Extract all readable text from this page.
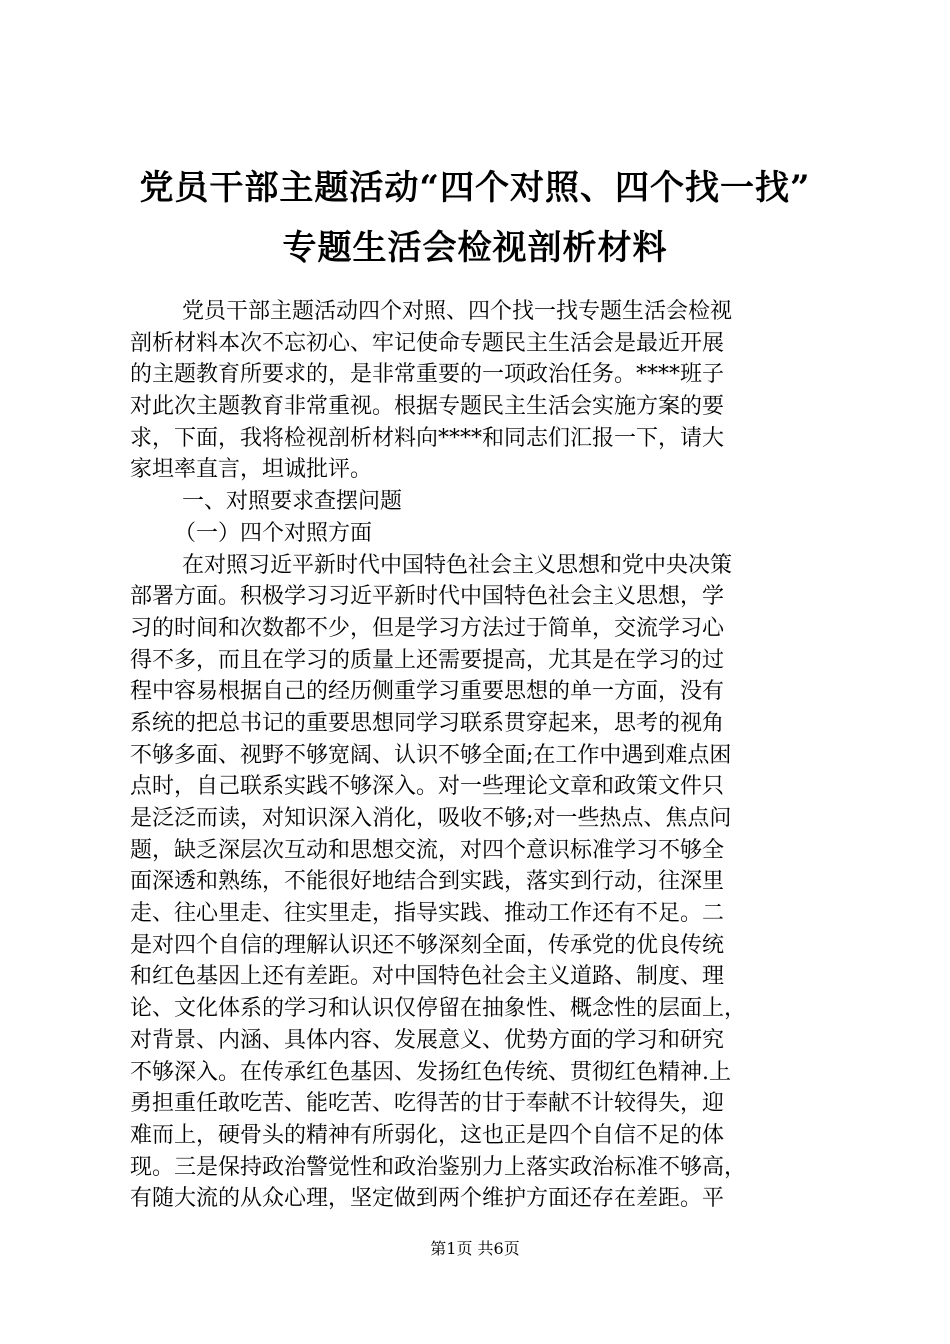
党员干部主题活动“四个对照、四个找一找”
专题生活会检视剖析材料
党员干部主题活动四个对照、四个找一找专题生活会检视
剖析材料本次不忘初心、牢记使命专题民主生活会是最近开展
的主题教育所要求的，是非常重要的一项政治任务。****班子
对此次主题教育非常重视。根据专题民主生活会实施方案的要
求，下面，我将检视剖析材料向****和同志们汇报一下，请大
家坦率直言，坦诚批评。
一、对照要求查摆问题
（一）四个对照方面
在对照习近平新时代中国特色社会主义思想和党中央决策
部署方面。积极学习习近平新时代中国特色社会主义思想，学
习的时间和次数都不少，但是学习方法过于简单，交流学习心
得不多，而且在学习的质量上还需要提高，尤其是在学习的过
程中容易根据自己的经历侧重学习重要思想的单一方面，没有
系统的把总书记的重要思想同学习联系贯穿起来，思考的视角
不够多面、视野不够宽阔、认识不够全面;在工作中遇到难点困
点时，自己联系实践不够深入。对一些理论文章和政策文件只
是泛泛而读，对知识深入消化，吸收不够;对一些热点、焦点问
题，缺乏深层次互动和思想交流，对四个意识标准学习不够全
面深透和熟练，不能很好地结合到实践，落实到行动，往深里
走、往心里走、往实里走，指导实践、推动工作还有不足。二
是对四个自信的理解认识还不够深刻全面，传承党的优良传统
和红色基因上还有差距。对中国特色社会主义道路、制度、理
论、文化体系的学习和认识仅停留在抽象性、概念性的层面上，
对背景、内涵、具体内容、发展意义、优势方面的学习和研究
不够深入。在传承红色基因、发扬红色传统、贯彻红色精神.上
勇担重任敢吃苦、能吃苦、吃得苦的甘于奉献不计较得失，迎
难而上，硬骨头的精神有所弱化，这也正是四个自信不足的体
现。三是保持政治警觉性和政治鉴别力上落实政治标准不够高，
有随大流的从众心理，坚定做到两个维护方面还存在差距。平
第1页 共6页
